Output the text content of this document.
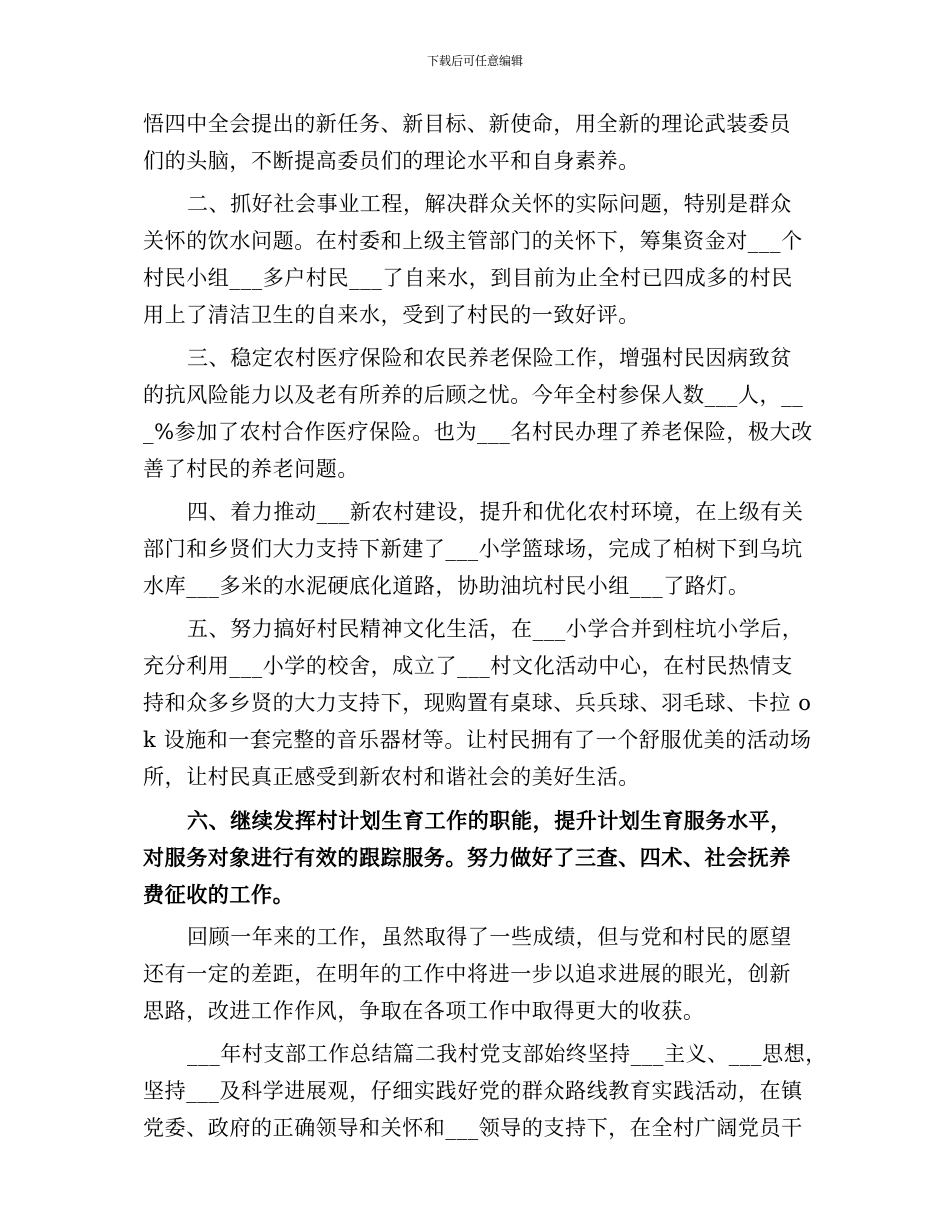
下载后可任意编辑
悟四中全会提出的新任务、新目标、新使命，用全新的理论武装委员
们的头脑，不断提高委员们的理论水平和自身素养。
二、抓好社会事业工程，解决群众关怀的实际问题，特别是群众
关怀的饮水问题。在村委和上级主管部门的关怀下，筹集资金对___个
村民小组___多户村民___了自来水，到目前为止全村已四成多的村民
用上了清洁卫生的自来水，受到了村民的一致好评。
三、稳定农村医疗保险和农民养老保险工作，增强村民因病致贫
的抗风险能力以及老有所养的后顾之忧。今年全村参保人数___人，__
_%参加了农村合作医疗保险。也为___名村民办理了养老保险，极大改
善了村民的养老问题。
四、着力推动___新农村建设，提升和优化农村环境，在上级有关
部门和乡贤们大力支持下新建了___小学篮球场，完成了柏树下到乌坑
水库___多米的水泥硬底化道路，协助油坑村民小组___了路灯。
五、努力搞好村民精神文化生活，在___小学合并到柱坑小学后，
充分利用___小学的校舍，成立了___村文化活动中心，在村民热情支
持和众多乡贤的大力支持下，现购置有桌球、兵兵球、羽毛球、卡拉 o
k 设施和一套完整的音乐器材等。让村民拥有了一个舒服优美的活动场
所，让村民真正感受到新农村和谐社会的美好生活。
六、继续发挥村计划生育工作的职能，提升计划生育服务水平，
对服务对象进行有效的跟踪服务。努力做好了三查、四术、社会抚养
费征收的工作。
回顾一年来的工作，虽然取得了一些成绩，但与党和村民的愿望
还有一定的差距，在明年的工作中将进一步以追求进展的眼光，创新
思路，改进工作作风，争取在各项工作中取得更大的收获。
___年村支部工作总结篇二我村党支部始终坚持___主义、___思想，
坚持___及科学进展观，仔细实践好党的群众路线教育实践活动，在镇
党委、政府的正确领导和关怀和___领导的支持下，在全村广阔党员干
